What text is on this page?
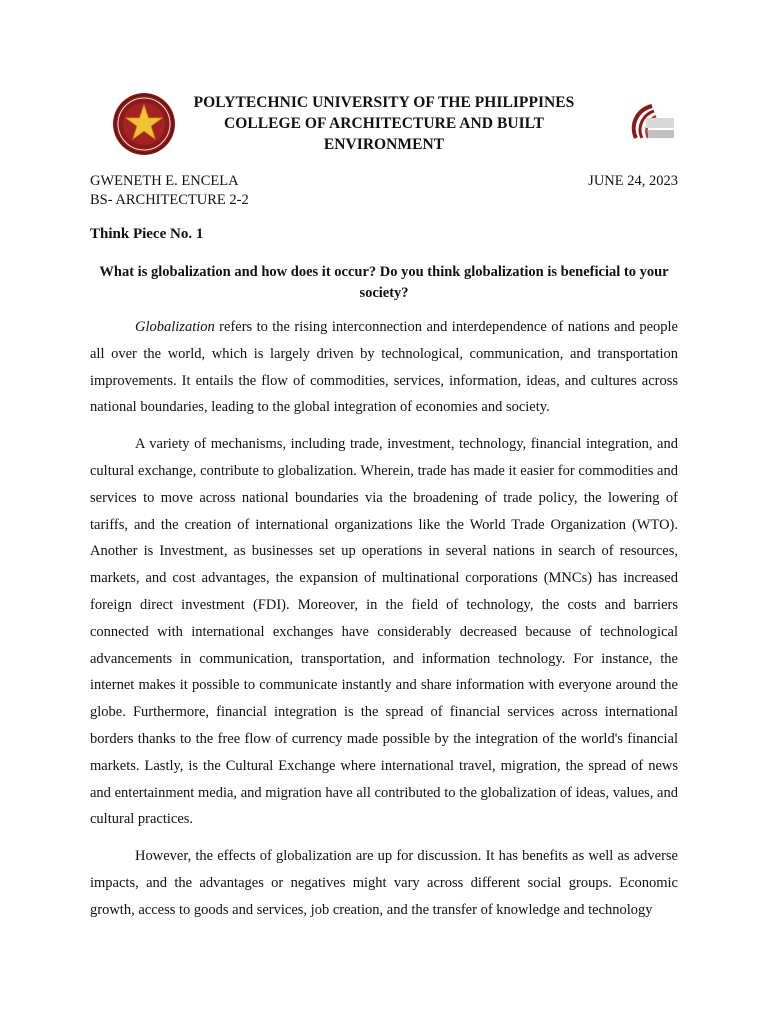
POLYTECHNIC UNIVERSITY OF THE PHILIPPINES
COLLEGE OF ARCHITECTURE AND BUILT ENVIRONMENT
GWENETH E. ENCELA	JUNE 24, 2023
BS- ARCHITECTURE 2-2
Think Piece No. 1
What is globalization and how does it occur? Do you think globalization is beneficial to your society?

Globalization refers to the rising interconnection and interdependence of nations and people all over the world, which is largely driven by technological, communication, and transportation improvements. It entails the flow of commodities, services, information, ideas, and cultures across national boundaries, leading to the global integration of economies and society.

A variety of mechanisms, including trade, investment, technology, financial integration, and cultural exchange, contribute to globalization. Wherein, trade has made it easier for commodities and services to move across national boundaries via the broadening of trade policy, the lowering of tariffs, and the creation of international organizations like the World Trade Organization (WTO). Another is Investment, as businesses set up operations in several nations in search of resources, markets, and cost advantages, the expansion of multinational corporations (MNCs) has increased foreign direct investment (FDI). Moreover, in the field of technology, the costs and barriers connected with international exchanges have considerably decreased because of technological advancements in communication, transportation, and information technology. For instance, the internet makes it possible to communicate instantly and share information with everyone around the globe. Furthermore, financial integration is the spread of financial services across international borders thanks to the free flow of currency made possible by the integration of the world's financial markets. Lastly, is the Cultural Exchange where international travel, migration, the spread of news and entertainment media, and migration have all contributed to the globalization of ideas, values, and cultural practices.

However, the effects of globalization are up for discussion. It has benefits as well as adverse impacts, and the advantages or negatives might vary across different social groups. Economic growth, access to goods and services, job creation, and the transfer of knowledge and technology
